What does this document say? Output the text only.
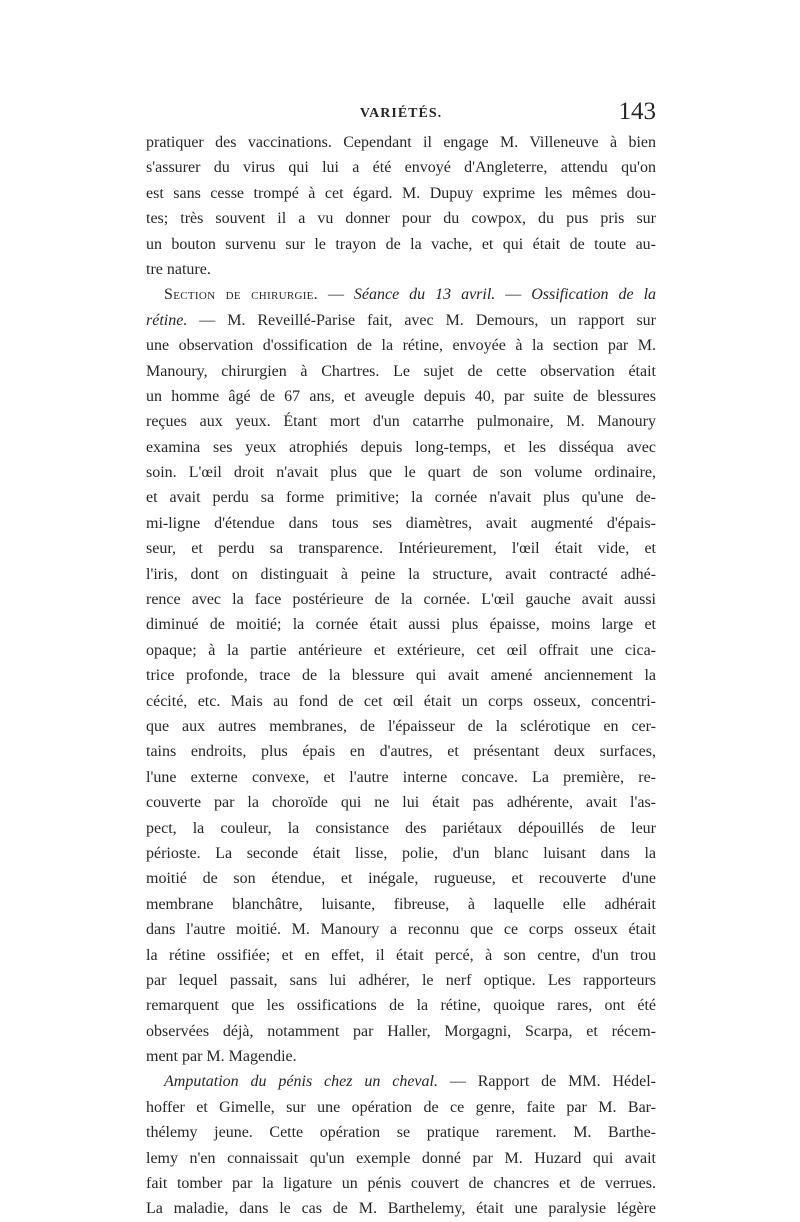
VARIÉTÉS.	143
pratiquer des vaccinations. Cependant il engage M. Villeneuve à bien
s'assurer du virus qui lui a été envoyé d'Angleterre, attendu qu'on
est sans cesse trompé à cet égard. M. Dupuy exprime les mêmes dou-
tes; très souvent il a vu donner pour du cowpox, du pus pris sur
un bouton survenu sur le trayon de la vache, et qui était de toute au-
tre nature.
Section de chirurgie. — Séance du 13 avril. — Ossification de la
rétine. — M. Reveillé-Parise fait, avec M. Demours, un rapport sur
une observation d'ossification de la rétine, envoyée à la section par M.
Manoury, chirurgien à Chartres. Le sujet de cette observation était
un homme âgé de 67 ans, et aveugle depuis 40, par suite de blessures
reçues aux yeux. Étant mort d'un catarrhe pulmonaire, M. Manoury
examina ses yeux atrophiés depuis long-temps, et les disséqua avec
soin. L'œil droit n'avait plus que le quart de son volume ordinaire,
et avait perdu sa forme primitive; la cornée n'avait plus qu'une de-
mi-ligne d'étendue dans tous ses diamètres, avait augmenté d'épais-
seur, et perdu sa transparence. Intérieurement, l'œil était vide, et
l'iris, dont on distinguait à peine la structure, avait contracté adhé-
rence avec la face postérieure de la cornée. L'œil gauche avait aussi
diminué de moitié; la cornée était aussi plus épaisse, moins large et
opaque; à la partie antérieure et extérieure, cet œil offrait une cica-
trice profonde, trace de la blessure qui avait amené anciennement la
cécité, etc. Mais au fond de cet œil était un corps osseux, concentri-
que aux autres membranes, de l'épaisseur de la sclérotique en cer-
tains endroits, plus épais en d'autres, et présentant deux surfaces,
l'une externe convexe, et l'autre interne concave. La première, re-
couverte par la choroïde qui ne lui était pas adhérente, avait l'as-
pect, la couleur, la consistance des pariétaux dépouillés de leur
périoste. La seconde était lisse, polie, d'un blanc luisant dans la
moitié de son étendue, et inégale, rugueuse, et recouverte d'une
membrane blanchâtre, luisante, fibreuse, à laquelle elle adhérait
dans l'autre moitié. M. Manoury a reconnu que ce corps osseux était
la rétine ossifiée; et en effet, il était percé, à son centre, d'un trou
par lequel passait, sans lui adhérer, le nerf optique. Les rapporteurs
remarquent que les ossifications de la rétine, quoique rares, ont été
observées déjà, notamment par Haller, Morgagni, Scarpa, et récem-
ment par M. Magendie.
Amputation du pénis chez un cheval. — Rapport de MM. Hédel-
hoffer et Gimelle, sur une opération de ce genre, faite par M. Bar-
thélemy jeune. Cette opération se pratique rarement. M. Barthe-
lemy n'en connaissait qu'un exemple donné par M. Huzard qui avait
fait tomber par la ligature un pénis couvert de chancres et de verrues.
La maladie, dans le cas de M. Barthelemy, était une paralysie légère
